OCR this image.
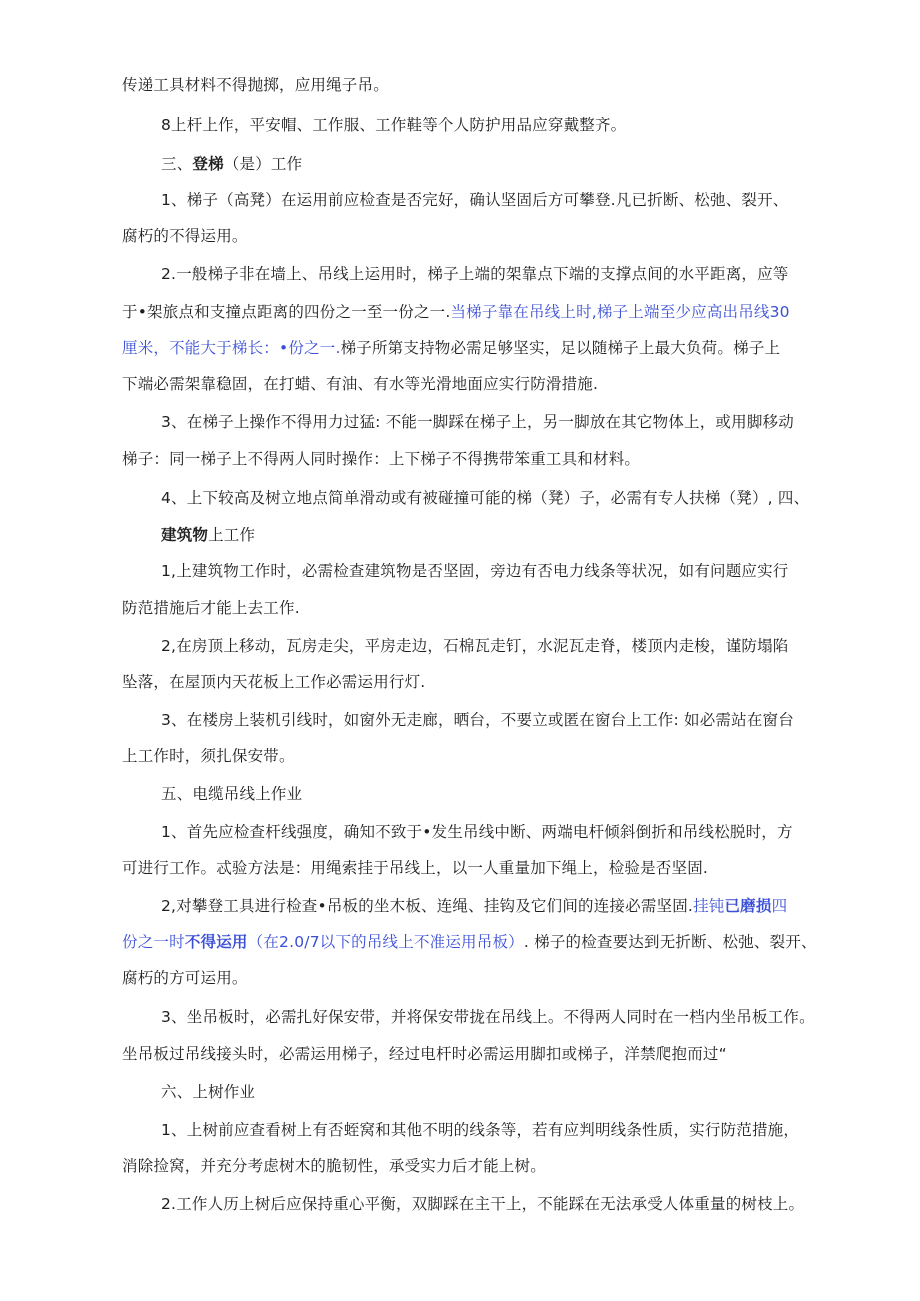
传递工具材料不得抛掷，应用绳子吊。
8上杆上作，平安帽、工作服、工作鞋等个人防护用品应穿戴整齐。
三、登梯（是）工作
1、梯子（高凳）在运用前应检查是否完好，确认坚固后方可攀登.凡已折断、松弛、裂开、
腐朽的不得运用。
2.一般梯子非在墙上、吊线上运用时，梯子上端的架靠点下端的支撑点间的水平距离，应等
于•架旅点和支撞点距离的四份之一至一份之一.当梯子靠在吊线上时,梯子上端至少应高出吊线30
厘米，不能大于梯长：•份之一.梯子所第支持物必需足够坚实，足以随梯子上最大负荷。梯子上
下端必需架靠稳固，在打蜡、有油、有水等光滑地面应实行防滑措施.
3、在梯子上操作不得用力过猛: 不能一脚踩在梯子上，另一脚放在其它物体上，或用脚移动
梯子：同一梯子上不得两人同时操作：上下梯子不得携带笨重工具和材料。
4、上下较高及树立地点简单滑动或有被碰撞可能的梯（凳）子，必需有专人扶梯（凳）, 四、
建筑物上工作
1,上建筑物工作时，必需检查建筑物是否坚固，旁边有否电力线条等状况，如有问题应实行
防范措施后才能上去工作.
2,在房顶上移动，瓦房走尖，平房走边，石棉瓦走钉，水泥瓦走脊，楼顶内走梭，谨防塌陷
坠落，在屋顶内天花板上工作必需运用行灯.
3、在楼房上装机引线时，如窗外无走廊，晒台，不要立或匿在窗台上工作: 如必需站在窗台
上工作时，须扎保安带。
五、电缆吊线上作业
1、首先应检查杆线强度，确知不致于•发生吊线中断、两端电杆倾斜倒折和吊线松脱时，方
可进行工作。忒验方法是：用绳索挂于吊线上，以一人重量加下绳上，检验是否坚固.
2,对攀登工具进行检查•吊板的坐木板、连绳、挂钩及它们间的连接必需坚固.挂钝已磨损四
份之一时不得运用（在2.0/7以下的吊线上不准运用吊板）. 梯子的检查要达到无折断、松弛、裂开、
腐朽的方可运用。
3、坐吊板时，必需扎好保安带，并将保安带拢在吊线上。不得两人同时在一档内坐吊板工作。
坐吊板过吊线接头时，必需运用梯子，经过电杆时必需运用脚扣或梯子，洋禁爬抱而过“
六、上树作业
1、上树前应查看树上有否蛭窝和其他不明的线条等，若有应判明线条性质，实行防范措施，
消除捡窝，并充分考虑树木的脆韧性，承受实力后才能上树。
2.工作人历上树后应保持重心平衡，双脚踩在主干上，不能踩在无法承受人体重量的树枝上。
